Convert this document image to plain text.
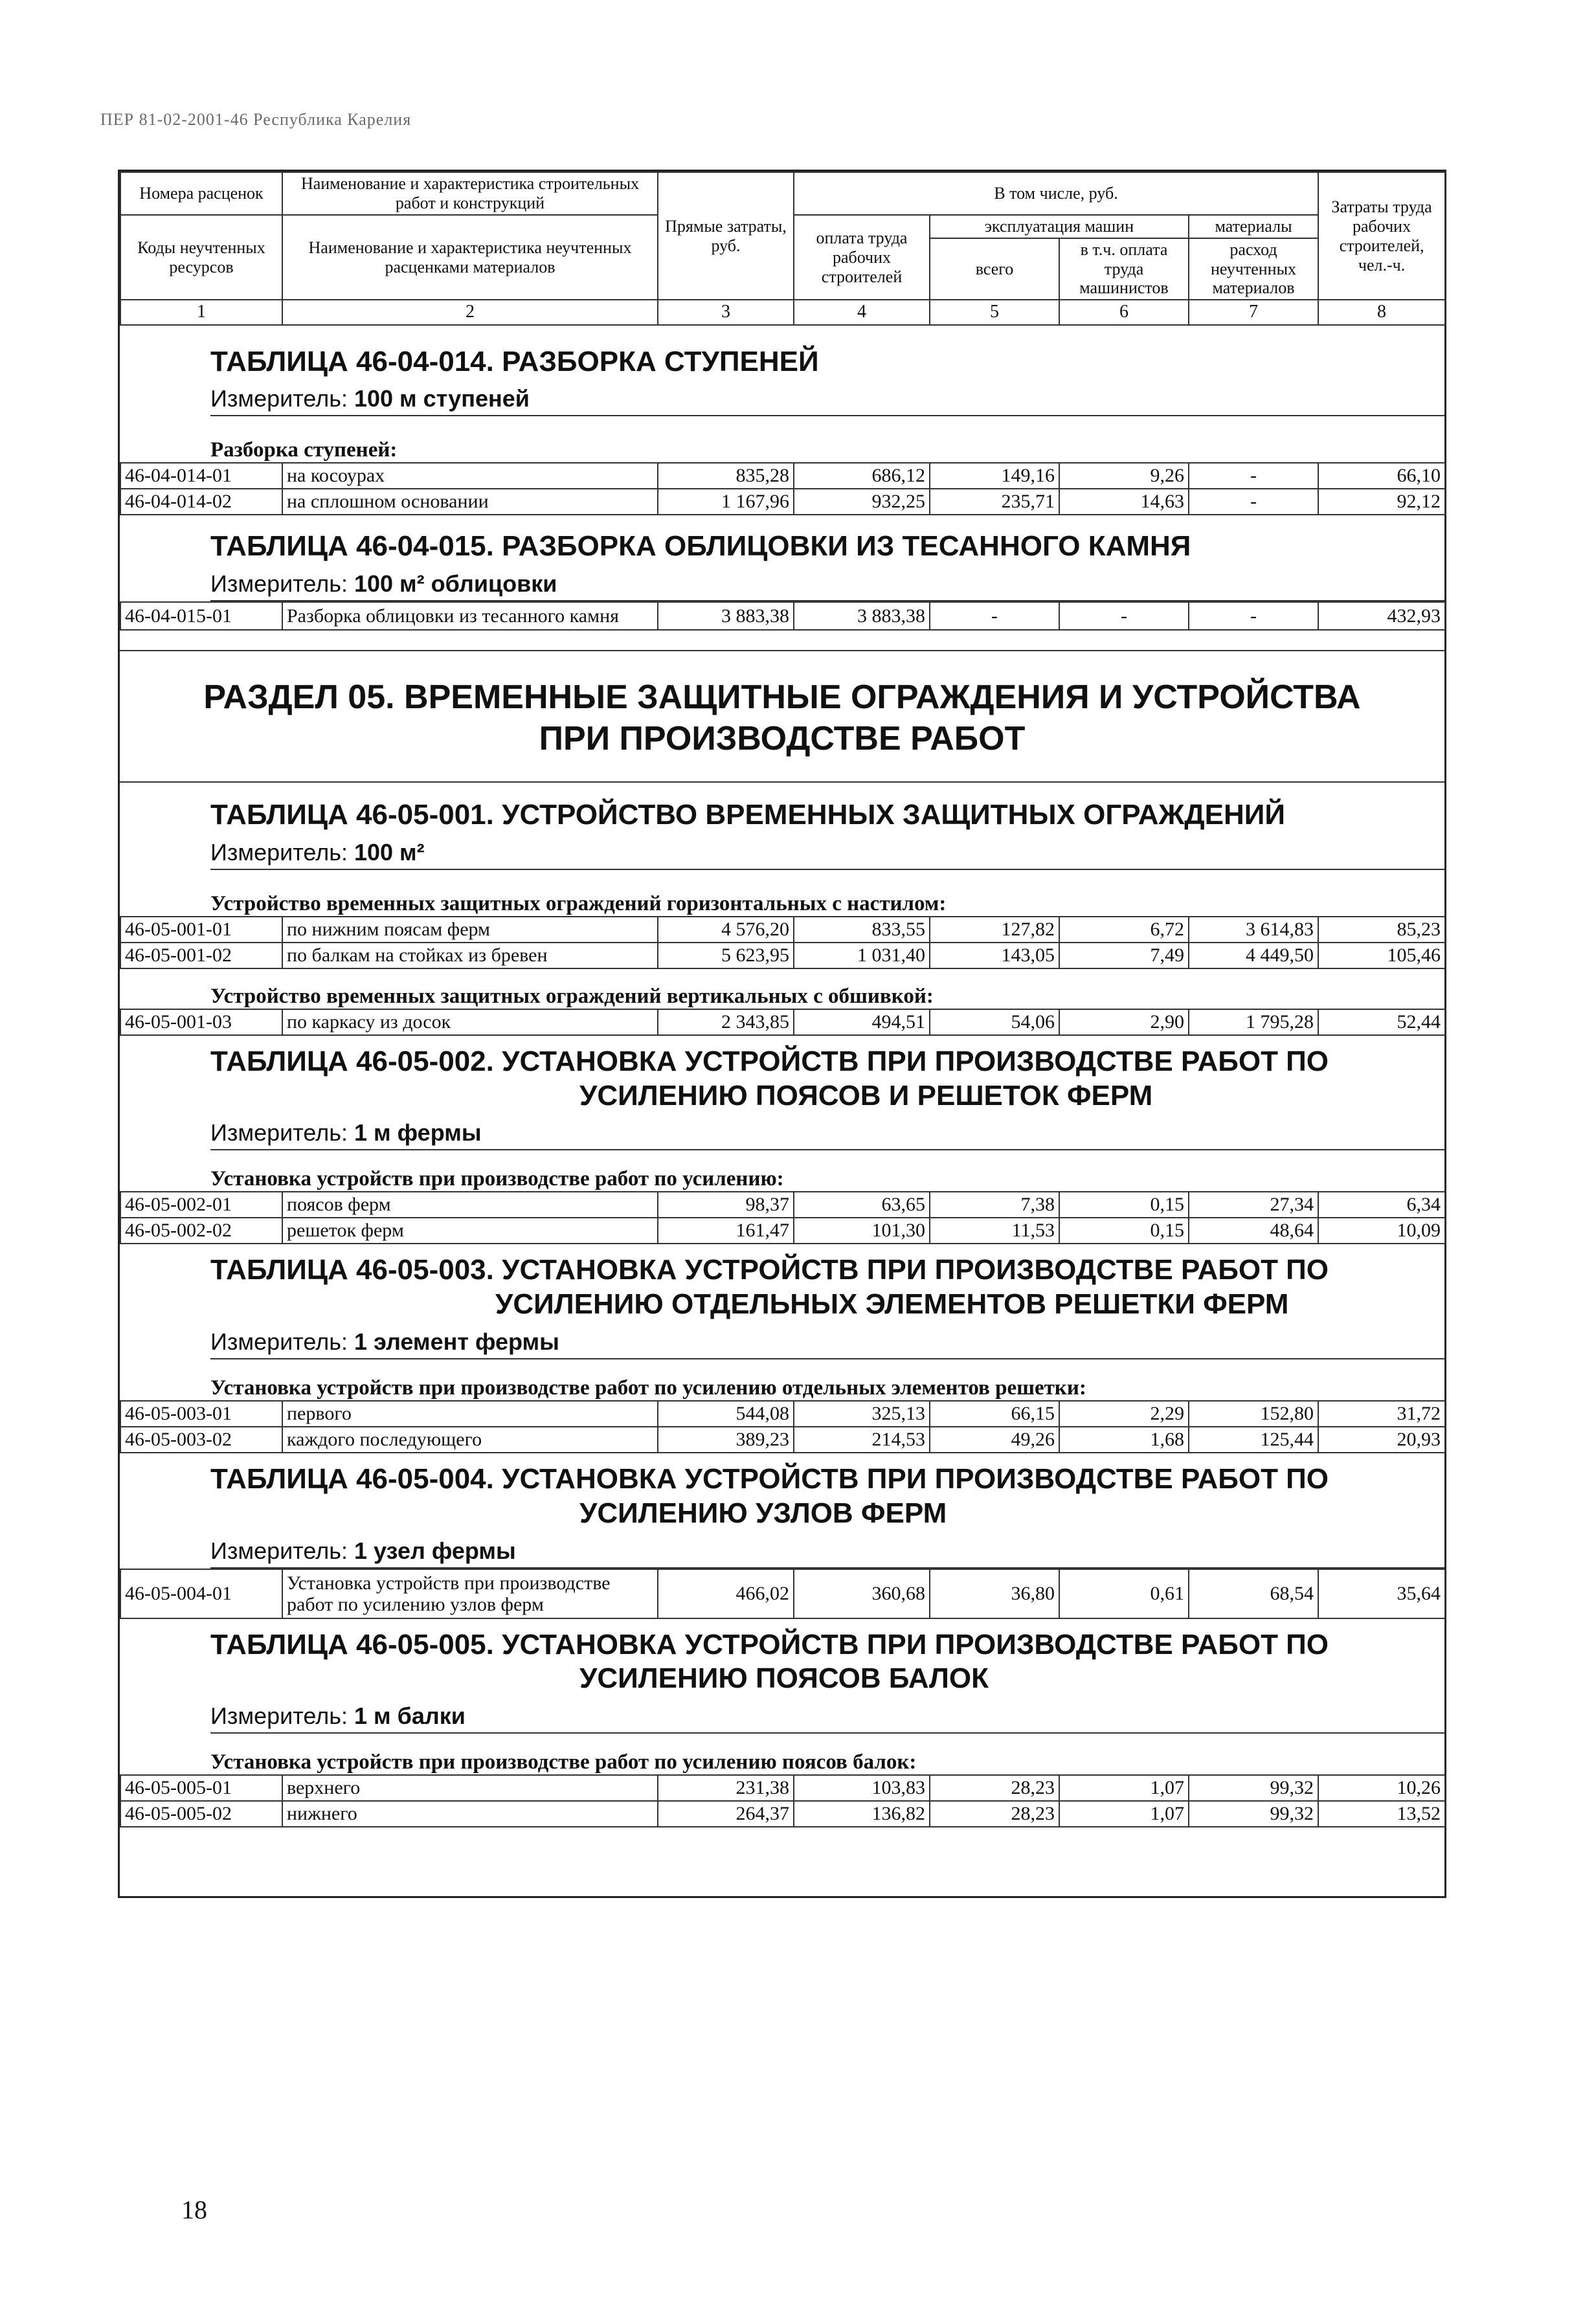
ПЕР 81-02-2001-46 Республика Карелия
Номера расценок	Наименование и характеристика строительных работ и конструкций	Прямые затраты, руб.	В том числе, руб.				Затраты труда рабочих строителей, чел.-ч.
Коды неучтенных ресурсов	Наименование и характеристика неучтенных расценками материалов		оплата труда рабочих строителей	эксплуатация машин		материалы	
				всего	в т.ч. оплата труда машинистов	расход неучтенных материалов	
1	2	3	4	5	6	7	8
ТАБЛИЦА 46-04-014. РАЗБОРКА СТУПЕНЕЙ
Измеритель: 100 м ступеней
Разборка ступеней:
46-04-014-01	на косоурах	835,28	686,12	149,16	9,26	-	66,10
46-04-014-02	на сплошном основании	1 167,96	932,25	235,71	14,63	-	92,12
ТАБЛИЦА 46-04-015. РАЗБОРКА ОБЛИЦОВКИ ИЗ ТЕСАННОГО КАМНЯ
Измеритель: 100 м² облицовки
46-04-015-01	Разборка облицовки из тесанного камня	3 883,38	3 883,38	-	-	-	432,93
РАЗДЕЛ 05. ВРЕМЕННЫЕ ЗАЩИТНЫЕ ОГРАЖДЕНИЯ И УСТРОЙСТВА
ПРИ ПРОИЗВОДСТВЕ РАБОТ
ТАБЛИЦА 46-05-001. УСТРОЙСТВО ВРЕМЕННЫХ ЗАЩИТНЫХ ОГРАЖДЕНИЙ
Измеритель: 100 м²
Устройство временных защитных ограждений горизонтальных с настилом:
46-05-001-01	по нижним поясам ферм	4 576,20	833,55	127,82	6,72	3 614,83	85,23
46-05-001-02	по балкам на стойках из бревен	5 623,95	1 031,40	143,05	7,49	4 449,50	105,46
Устройство временных защитных ограждений вертикальных с обшивкой:
46-05-001-03	по каркасу из досок	2 343,85	494,51	54,06	2,90	1 795,28	52,44
ТАБЛИЦА 46-05-002. УСТАНОВКА УСТРОЙСТВ ПРИ ПРОИЗВОДСТВЕ РАБОТ ПО
УСИЛЕНИЮ ПОЯСОВ И РЕШЕТОК ФЕРМ
Измеритель: 1 м фермы
Установка устройств при производстве работ по усилению:
46-05-002-01	поясов ферм	98,37	63,65	7,38	0,15	27,34	6,34
46-05-002-02	решеток ферм	161,47	101,30	11,53	0,15	48,64	10,09
ТАБЛИЦА 46-05-003. УСТАНОВКА УСТРОЙСТВ ПРИ ПРОИЗВОДСТВЕ РАБОТ ПО
УСИЛЕНИЮ ОТДЕЛЬНЫХ ЭЛЕМЕНТОВ РЕШЕТКИ ФЕРМ
Измеритель: 1 элемент фермы
Установка устройств при производстве работ по усилению отдельных элементов решетки:
46-05-003-01	первого	544,08	325,13	66,15	2,29	152,80	31,72
46-05-003-02	каждого последующего	389,23	214,53	49,26	1,68	125,44	20,93
ТАБЛИЦА 46-05-004. УСТАНОВКА УСТРОЙСТВ ПРИ ПРОИЗВОДСТВЕ РАБОТ ПО
УСИЛЕНИЮ УЗЛОВ ФЕРМ
Измеритель: 1 узел фермы
46-05-004-01	Установка устройств при производстве работ по усилению узлов ферм	466,02	360,68	36,80	0,61	68,54	35,64
ТАБЛИЦА 46-05-005. УСТАНОВКА УСТРОЙСТВ ПРИ ПРОИЗВОДСТВЕ РАБОТ ПО
УСИЛЕНИЮ ПОЯСОВ БАЛОК
Измеритель: 1 м балки
Установка устройств при производстве работ по усилению поясов балок:
46-05-005-01	верхнего	231,38	103,83	28,23	1,07	99,32	10,26
46-05-005-02	нижнего	264,37	136,82	28,23	1,07	99,32	13,52
18
